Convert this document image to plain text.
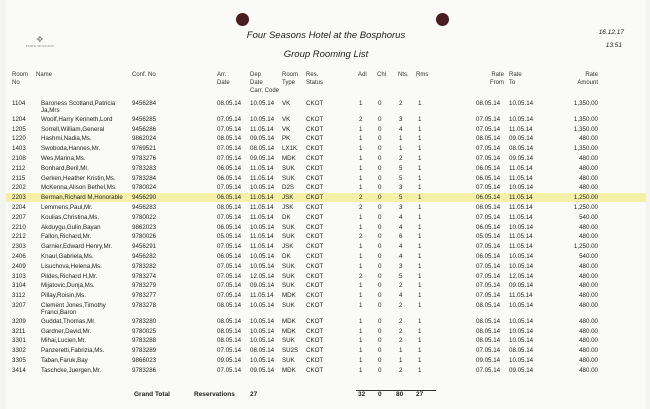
✥
FOUR SEASONS
Four Seasons Hotel at the Bosphorus
Group Rooming List
16.12.17
13:51
Room
No
Name	Conf. No	Arr.
Date
Dep
Date
Carr. Code
Room
Type
Res.
Status
Adl Chl Nts. Rms	Rate
From
Rate
To
Rate
Amount
1104	Baroness Scotland,Patricia	9456284	08.05.14 10.05.14 VK	CKOT	1	0	2	1	08.05.14 10.05.14	1,350.00
Ja,Mrs
1204 Woolf,Harry Kenneth,Lord	9456285	07.05.14 10.05.14 VK	CKOT	2	0	3	1	07.05.14 10.05.14	1,350.00
1205 Sorrell,William,General	9456286	07.05.14 11.05.14 VK	CKOT	1	0	4	1	07.05.14 11.05.14	1,350.00
1220 Hashmi,Nadia,Ms.	9862024	08.05.14 09.05.14 PK	CKOT	1	0	1	1	08.05.14 09.05.14	480.00
1403 Swoboda,Hannes,Mr.	9769521	07.05.14 08.05.14 LX1K CKOT	1	0	1	1	07.05.14 08.05.14	1,350.00
2108 Wes,Marina,Ms.	9783276	07.05.14 09.05.14 MDK CKOT	1	0	2	1	07.05.14 09.05.14	480.00
2112	Bonhard,Beril,Mr.	9783283	06.05.14 11.05.14 SUK CKOT	1	0	5	1	06.05.14 11.05.14	480.00
2115	Gerken,Heather Kristin,Ms.	9783284	06.05.14 11.05.14 SUK CKOT	1	0	5	1	06.05.14 11.05.14	480.00
2202 McKenna,Alison Bethel,Ms. 9780024	07.05.14 10.05.14 D2S CKOT	1	0	3	1	07.05.14 10.05.14	480.00
2203 Berman,Richard M,Honorable 9456290	06.05.14 11.05.14 JSK CKOT	2	0	5	1	06.05.14 11.05.14	1,250.00
2204 Lemmens,Paul,Mr.	9456283	08.05.14 11.05.14 JSK CKOT	2	0	3	1	08.05.14 11.05.14	1,250.00
2207 Koulias,Christina,Ms.	9780022	07.05.14 11.05.14 DK CKOT	1	0	4	1	07.05.14 11.05.14	540.00
2210 Akduygu,Gulin,Bayan	9862023	06.05.14 10.05.14 SUK CKOT	1	0	4	1	06.05.14 10.05.14	480.00
2212 Fallon,Richard,Mr.	9780026	05.05.14 11.05.14 SUK CKOT	2	0	6	1	05.05.14 11.05.14	480.00
2303 Garnier,Edward Henry,Mr.	9456291	07.05.14 11.05.14 JSK CKOT	1	0	4	1	07.05.14 11.05.14	1,250.00
2406 Knaul,Gabriela,Ms.	9456282	06.05.14 10.05.14 DK CKOT	1	0	4	1	06.05.14 10.05.14	540.00
2409 Lisuchova,Helena,Ms.	9783282	07.05.14 10.05.14 SUK CKOT	1	0	3	1	07.05.14 10.05.14	480.00
3103 Pildes,Richard H,Mr.	9783274	07.05.14 12.05.14 SUK CKOT	2	0	5	1	07.05.14 12.05.14	480.00
3104 Mijatovic,Dunja,Ms.	9783279	07.05.14 09.05.14 SUK CKOT	1	0	2	1	07.05.14 09.05.14	480.00
3112	Pillay,Roisin,Ms.	9783277	07.05.14 11.05.14 MDK CKOT	1	0	4	1	07.05.14 11.05.14	480.00
3207 Clement Jones,Timothy	9783278	08.05.14 10.05.14 SUK CKOT	1	0	2	1	08.05.14 10.05.14	480.00
Franci,Baron
3209 Guddat,Thomas,Mr.	9783280	08.05.14 10.05.14 MDK CKOT	1	0	2	1	08.05.14 10.05.14	480.00
3211	Gardner,David,Mr.	9780025	08.05.14 10.05.14 MDK CKOT	1	0	2	1	08.05.14 10.05.14	480.00
3301 Mihai,Lucien,Mr.	9783288	08.05.14 10.05.14 SUK CKOT	1	0	2	1	08.05.14 10.05.14	480.00
3302 Panzeretti,Fabrizia,Ms.	9783289	07.05.14 08.05.14 SU2S CKOT	1	0	1	1	07.05.14 08.05.14	480.00
3305 Taban,Faruk,Bay	9866023	09.05.14 10.05.14 SUK CKOT	1	0	1	1	09.05.14 10.05.14	480.00
3414 Taschcke,Juergen,Mr.	9783286	07.05.14 09.05.14 MDK CKOT	1	0	2	1	07.05.14 09.05.14	480.00
Grand Total	Reservations 27	32 0 80 27
